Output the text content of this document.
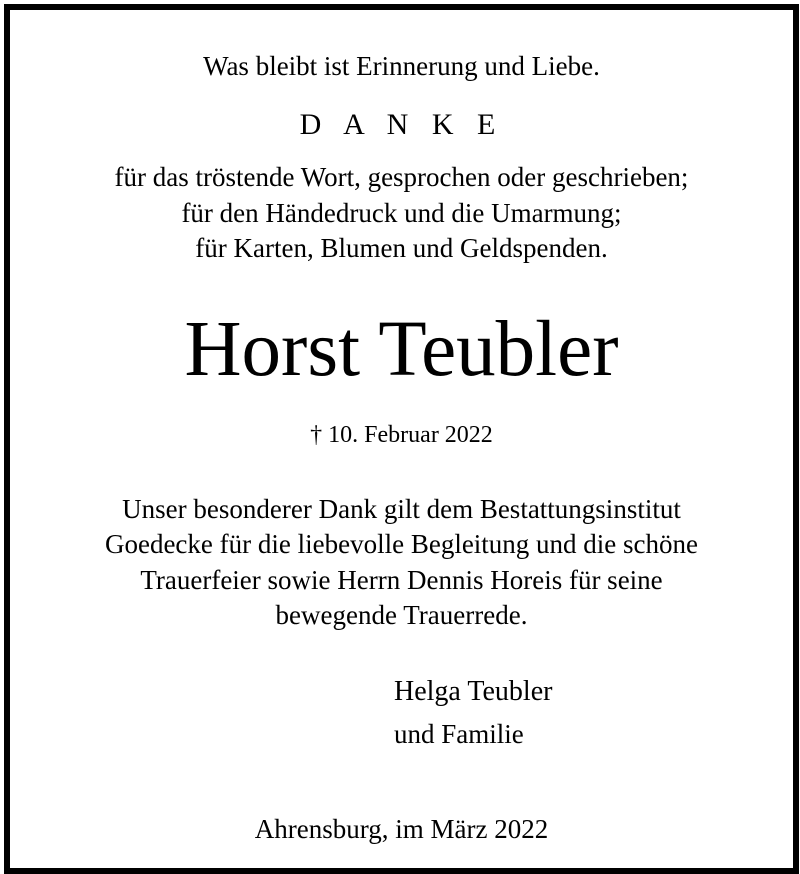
Was bleibt ist Erinnerung und Liebe.
D A N K E
für das tröstende Wort, gesprochen oder geschrieben;
für den Händedruck und die Umarmung;
für Karten, Blumen und Geldspenden.
Horst Teubler
† 10. Februar 2022
Unser besonderer Dank gilt dem Bestattungsinstitut
Goedecke für die liebevolle Begleitung und die schöne
Trauerfeier sowie Herrn Dennis Horeis für seine
bewegende Trauerrede.
Helga Teubler
und Familie
Ahrensburg, im März 2022
